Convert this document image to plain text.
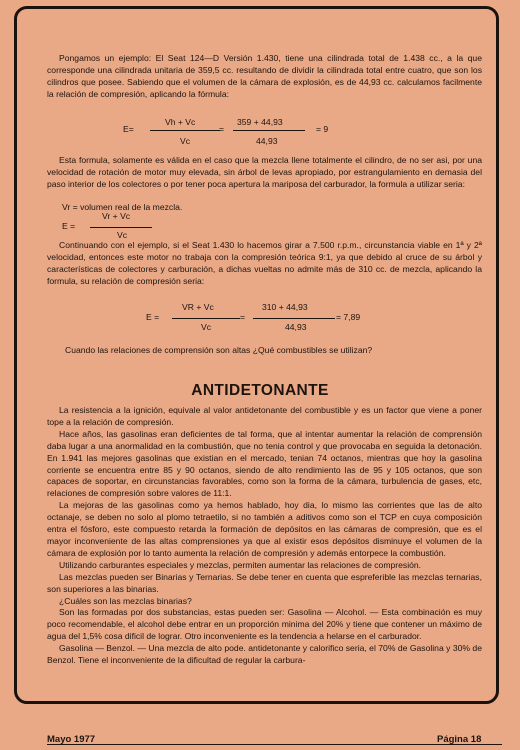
Pongamos un ejemplo: El Seat 124—D Versión 1.430, tiene una cilindrada total de 1.438 cc., a la que corresponde una cilindrada unitaria de 359,5 cc. resultando de dividir la cilindrada total entre cuatro, que son los cilindros que posee. Sabiendo que el volumen de la cámara de explosión, es de 44,93 cc. calculamos facilmente la relación de compresión, aplicando la fórmula:

E=
Vh + Vc
Vc
=
359 + 44,93
44,93
= 9

Esta formula, solamente es válida en el caso que la mezcla llene totalmente el cilindro, de no ser asi, por una velocidad de rotación de motor muy elevada, sin árbol de levas apropiado, por estrangulamiento en demasia del paso interior de los colectores o por tener poca apertura la mariposa del carburador, la formula a utilizar seria:

Vr = volumen real de la mezcla.

E =
Vr + Vc
Vc

Continuando con el ejemplo, si el Seat 1.430 lo hacemos girar a 7.500 r.p.m., circunstancia viable en 1ª y 2ª velocidad, entonces este motor no trabaja con la compresión teórica 9:1, ya que debido al cruce de su árbol y características de colectores y carburación, a dichas vueltas no admite más de 310 cc. de mezcla, aplicando la formula, su relación de compresión seria:

E =
VR + Vc
Vc
=
310 + 44,93
44,93
= 7,89

Cuando las relaciones de comprensión son altas ¿Qué combustibles se utilizan?

ANTIDETONANTE

La resistencia a la ignición, equivale al valor antidetonante del combustible y es un factor que viene a poner tope a la relación de compresión.

Hace años, las gasolinas eran deficientes de tal forma, que al intentar aumentar la relación de comprensión daba lugar a una anormalidad en la combustión, que no tenia control y que provocaba en seguida la detonación. En 1.941 las mejores gasolinas que existian en el mercado, tenian 74 octanos, mientras que hoy la gasolina corriente se encuentra entre 85 y 90 octanos, siendo de alto rendimiento las de 95 y 105 octanos, que son capaces de soportar, en circunstancias favorables, como son la forma de la cámara, turbulencia de gases, etc, relaciones de compresión sobre valores de 11:1.

La mejoras de las gasolinas como ya hemos hablado, hoy dia, lo mismo las corrientes que las de alto octanaje, se deben no solo al plomo tetraetilo, si no también a aditivos como son el TCP en cuya composición entra el fósforo, este compuesto retarda la formación de depósitos en las cámaras de compresión, que es el mayor inconveniente de las altas comprensiones ya que al existir esos depósitos disminuye el volumen de la cámara de explosión por lo tanto aumenta la relación de compresión y además entorpece la combustión.

Utilizando carburantes especiales y mezclas, permiten aumentar las relaciones de compresión.

Las mezclas pueden ser Binarias y Ternarias. Se debe tener en cuenta que espreferible las mezclas ternarias, son superiores a las binarias.

¿Cuáles son las mezclas binarias?

Son las formadas por dos substancias, estas pueden ser: Gasolina — Alcohol. — Esta combinación es muy poco recomendable, el alcohol debe entrar en un proporción minima del 20% y tiene que contener un máximo de agua del 1,5% cosa dificil de lograr. Otro inconveniente es la tendencia a helarse en el carburador.

Gasolina — Benzol. — Una mezcla de alto pode. antidetonante y calorifico seria, el 70% de Gasolina y 30% de Benzol. Tiene el inconveniente de la dificultad de regular la carbura-

Mayo 1977	Página 18
